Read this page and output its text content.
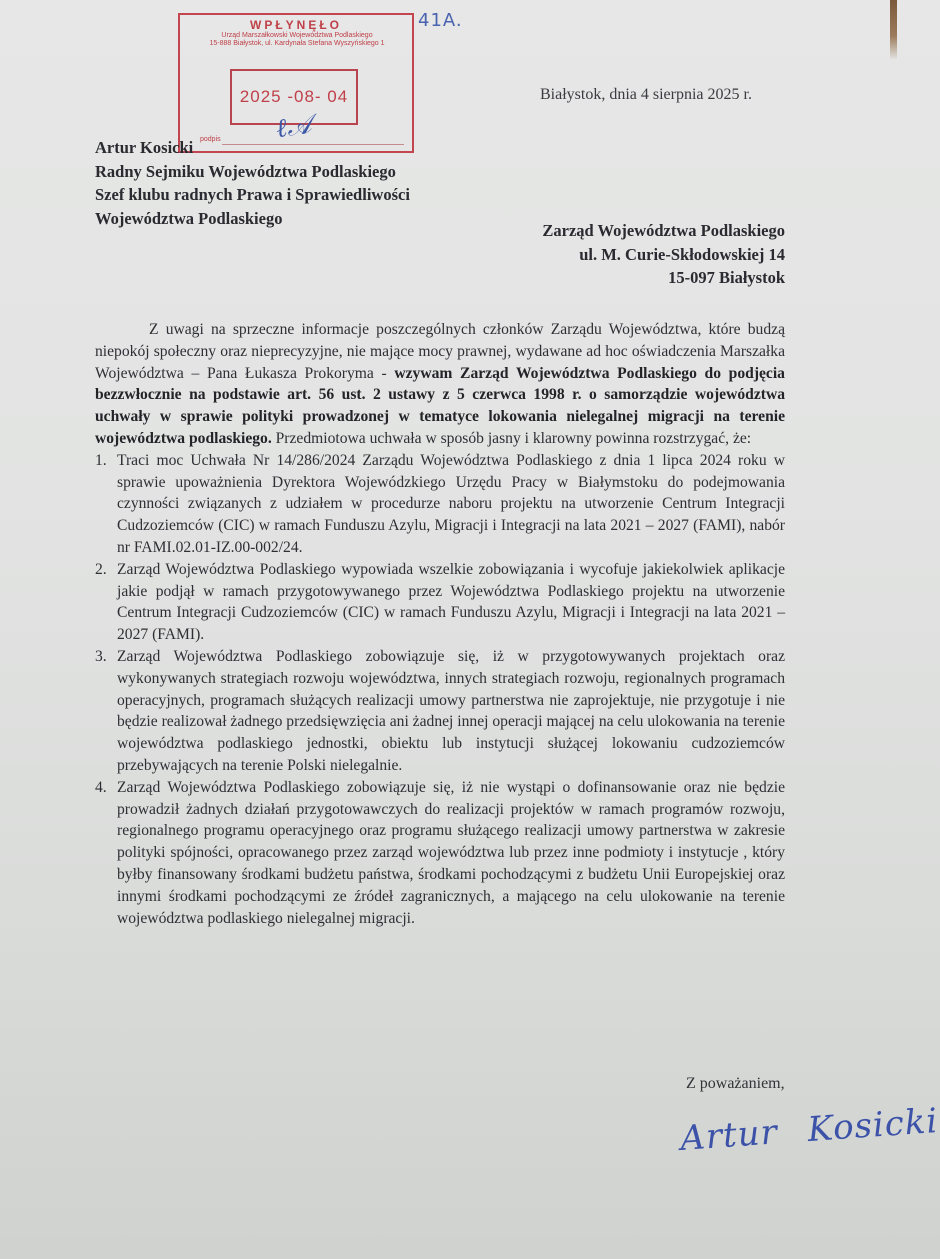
WPŁYNĘŁO
Urząd Marszałkowski Województwa Podlaskiego
15-888 Białystok, ul. Kardynała Stefana Wyszyńskiego 1
2025 -08- 04
podpis
41A.
ℓ𝒜
Białystok, dnia 4 sierpnia 2025 r.
Artur Kosicki
Radny Sejmiku Województwa Podlaskiego
Szef klubu radnych Prawa i Sprawiedliwości
Województwa Podlaskiego
Zarząd Województwa Podlaskiego
ul. M. Curie-Skłodowskiej 14
15-097 Białystok

Z uwagi na sprzeczne informacje poszczególnych członków Zarządu Województwa, które budzą niepokój społeczny oraz nieprecyzyjne, nie mające mocy prawnej, wydawane ad hoc oświadczenia Marszałka Województwa – Pana Łukasza Prokoryma - wzywam Zarząd Województwa Podlaskiego do podjęcia bezzwłocznie na podstawie art. 56 ust. 2 ustawy z 5 czerwca 1998 r. o samorządzie województwa uchwały w sprawie polityki prowadzonej w tematyce lokowania nielegalnej migracji na terenie województwa podlaskiego. Przedmiotowa uchwała w sposób jasny i klarowny powinna rozstrzygać, że:

1. Traci moc Uchwała Nr 14/286/2024 Zarządu Województwa Podlaskiego z dnia 1 lipca 2024 roku w sprawie upoważnienia Dyrektora Wojewódzkiego Urzędu Pracy w Białymstoku do podejmowania czynności związanych z udziałem w procedurze naboru projektu na utworzenie Centrum Integracji Cudzoziemców (CIC) w ramach Funduszu Azylu, Migracji i Integracji na lata 2021 – 2027 (FAMI), nabór nr FAMI.02.01-IZ.00-002/24.
2. Zarząd Województwa Podlaskiego wypowiada wszelkie zobowiązania i wycofuje jakiekolwiek aplikacje jakie podjął w ramach przygotowywanego przez Województwa Podlaskiego projektu na utworzenie Centrum Integracji Cudzoziemców (CIC) w ramach Funduszu Azylu, Migracji i Integracji na lata 2021 – 2027 (FAMI).
3. Zarząd Województwa Podlaskiego zobowiązuje się, iż w przygotowywanych projektach oraz wykonywanych strategiach rozwoju województwa, innych strategiach rozwoju, regionalnych programach operacyjnych, programach służących realizacji umowy partnerstwa nie zaprojektuje, nie przygotuje i nie będzie realizował żadnego przedsięwzięcia ani żadnej innej operacji mającej na celu ulokowania na terenie województwa podlaskiego jednostki, obiektu lub instytucji służącej lokowaniu cudzoziemców przebywających na terenie Polski nielegalnie.
4. Zarząd Województwa Podlaskiego zobowiązuje się, iż nie wystąpi o dofinansowanie oraz nie będzie prowadził żadnych działań przygotowawczych do realizacji projektów w ramach programów rozwoju, regionalnego programu operacyjnego oraz programu służącego realizacji umowy partnerstwa w zakresie polityki spójności, opracowanego przez zarząd województwa lub przez inne podmioty i instytucje , który byłby finansowany środkami budżetu państwa, środkami pochodzącymi z budżetu Unii Europejskiej oraz innymi środkami pochodzącymi ze źródeł zagranicznych, a mającego na celu ulokowanie na terenie województwa podlaskiego nielegalnej migracji.
Z poważaniem,
Artur Kosicki
